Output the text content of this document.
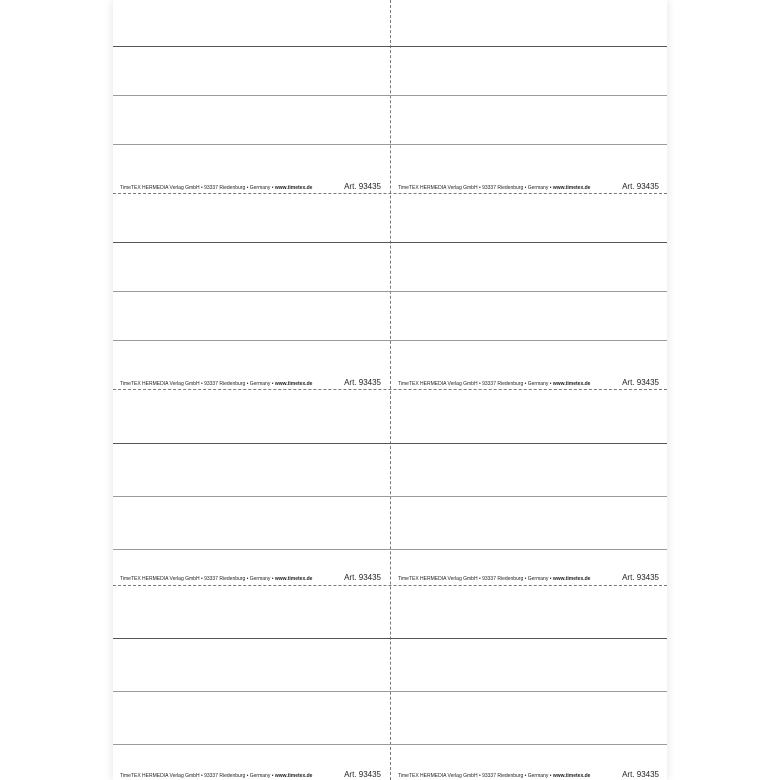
TimeTEX HERMEDIA Verlag GmbH • 93337 Riedenburg • Germany • www.timetex.de	Art. 93435	TimeTEX HERMEDIA Verlag GmbH • 93337 Riedenburg • Germany • www.timetex.de	Art. 93435
TimeTEX HERMEDIA Verlag GmbH • 93337 Riedenburg • Germany • www.timetex.de	Art. 93435	TimeTEX HERMEDIA Verlag GmbH • 93337 Riedenburg • Germany • www.timetex.de	Art. 93435
TimeTEX HERMEDIA Verlag GmbH • 93337 Riedenburg • Germany • www.timetex.de	Art. 93435	TimeTEX HERMEDIA Verlag GmbH • 93337 Riedenburg • Germany • www.timetex.de	Art. 93435
TimeTEX HERMEDIA Verlag GmbH • 93337 Riedenburg • Germany • www.timetex.de	Art. 93435	TimeTEX HERMEDIA Verlag GmbH • 93337 Riedenburg • Germany • www.timetex.de	Art. 93435
